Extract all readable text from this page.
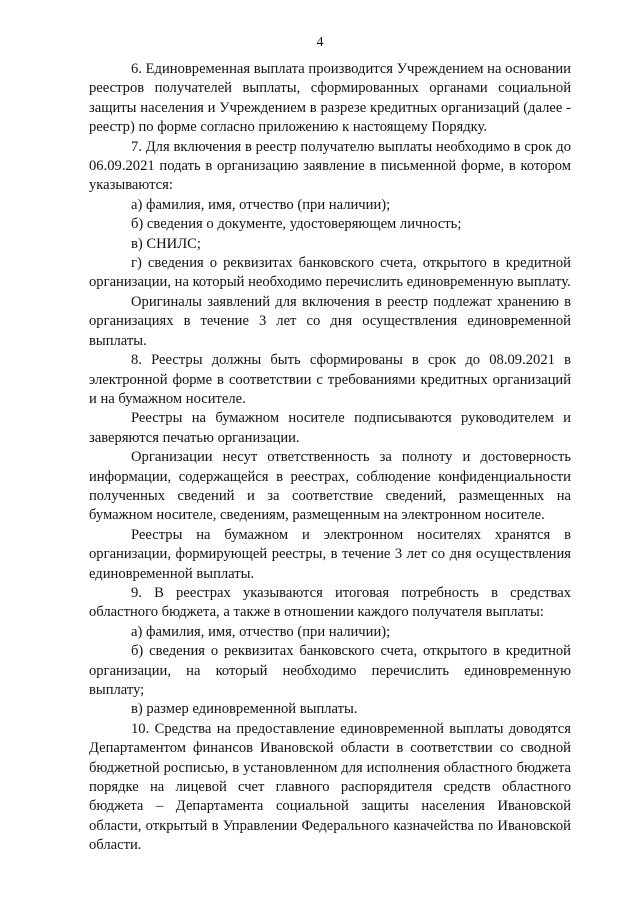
4

6. Единовременная выплата производится Учреждением на основании реестров получателей выплаты, сформированных органами социальной защиты населения и Учреждением в разрезе кредитных организаций (далее - реестр) по форме согласно приложению к настоящему Порядку.

7. Для включения в реестр получателю выплаты необходимо в срок до 06.09.2021 подать в организацию заявление в письменной форме, в котором указываются:

а) фамилия, имя, отчество (при наличии);

б) сведения о документе, удостоверяющем личность;

в) СНИЛС;

г) сведения о реквизитах банковского счета, открытого в кредитной организации, на который необходимо перечислить единовременную выплату.

Оригиналы заявлений для включения в реестр подлежат хранению в организациях в течение 3 лет со дня осуществления единовременной выплаты.

8. Реестры должны быть сформированы в срок до 08.09.2021 в электронной форме в соответствии с требованиями кредитных организаций и на бумажном носителе.

Реестры на бумажном носителе подписываются руководителем и заверяются печатью организации.

Организации несут ответственность за полноту и достоверность информации, содержащейся в реестрах, соблюдение конфиденциальности полученных сведений и за соответствие сведений, размещенных на бумажном носителе, сведениям, размещенным на электронном носителе.

Реестры на бумажном и электронном носителях хранятся в организации, формирующей реестры, в течение 3 лет со дня осуществления единовременной выплаты.

9. В реестрах указываются итоговая потребность в средствах областного бюджета, а также в отношении каждого получателя выплаты:

а) фамилия, имя, отчество (при наличии);

б) сведения о реквизитах банковского счета, открытого в кредитной организации, на который необходимо перечислить единовременную выплату;

в) размер единовременной выплаты.

10. Средства на предоставление единовременной выплаты доводятся Департаментом финансов Ивановской области в соответствии со сводной бюджетной росписью, в установленном для исполнения областного бюджета порядке на лицевой счет главного распорядителя средств областного бюджета – Департамента социальной защиты населения Ивановской области, открытый в Управлении Федерального казначейства по Ивановской области.
